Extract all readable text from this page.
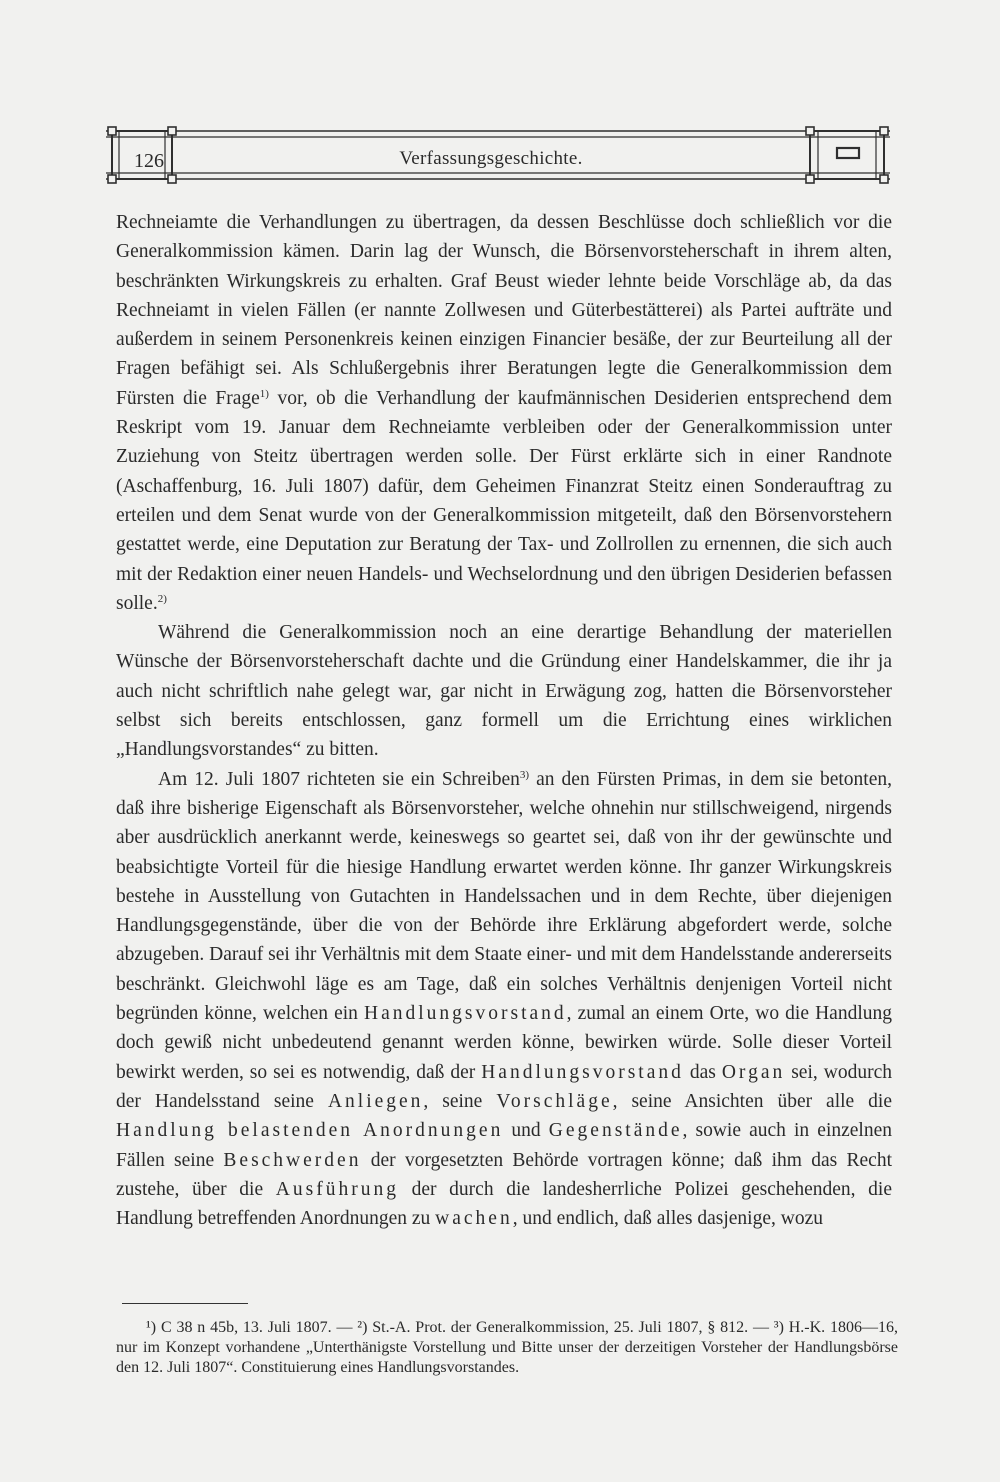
126	Verfassungsgeschichte.

Rechneiamte die Verhandlungen zu übertragen, da dessen Beschlüsse doch schließlich vor die Generalkommission kämen. Darin lag der Wunsch, die Börsenvorsteherschaft in ihrem alten, beschränkten Wirkungskreis zu erhalten. Graf Beust wieder lehnte beide Vorschläge ab, da das Rechneiamt in vielen Fällen (er nannte Zollwesen und Güterbestätterei) als Partei aufträte und außerdem in seinem Personenkreis keinen einzigen Financier besäße, der zur Beurteilung all der Fragen befähigt sei. Als Schlußergebnis ihrer Beratungen legte die Generalkommission dem Fürsten die Frage$^{1)}$ vor, ob die Verhandlung der kaufmännischen Desiderien entsprechend dem Reskript vom 19. Januar dem Rechneiamte verbleiben oder der Generalkommission unter Zuziehung von Steitz übertragen werden solle. Der Fürst erklärte sich in einer Randnote (Aschaffenburg, 16. Juli 1807) dafür, dem Geheimen Finanzrat Steitz einen Sonderauftrag zu erteilen und dem Senat wurde von der Generalkommission mitgeteilt, daß den Börsenvorstehern gestattet werde, eine Deputation zur Beratung der Tax- und Zollrollen zu ernennen, die sich auch mit der Redaktion einer neuen Handels- und Wechselordnung und den übrigen Desiderien befassen solle.$^{2)}$

Während die Generalkommission noch an eine derartige Behandlung der materiellen Wünsche der Börsenvorsteherschaft dachte und die Gründung einer Handelskammer, die ihr ja auch nicht schriftlich nahe gelegt war, gar nicht in Erwägung zog, hatten die Börsenvorsteher selbst sich bereits entschlossen, ganz formell um die Errichtung eines wirklichen „Handlungsvorstandes“ zu bitten.

Am 12. Juli 1807 richteten sie ein Schreiben$^{3)}$ an den Fürsten Primas, in dem sie betonten, daß ihre bisherige Eigenschaft als Börsenvorsteher, welche ohnehin nur stillschweigend, nirgends aber ausdrücklich anerkannt werde, keineswegs so geartet sei, daß von ihr der gewünschte und beabsichtigte Vorteil für die hiesige Handlung erwartet werden könne. Ihr ganzer Wirkungskreis bestehe in Ausstellung von Gutachten in Handelssachen und in dem Rechte, über diejenigen Handlungsgegenstände, über die von der Behörde ihre Erklärung abgefordert werde, solche abzugeben. Darauf sei ihr Verhältnis mit dem Staate einer- und mit dem Handelsstande andererseits beschränkt. Gleichwohl läge es am Tage, daß ein solches Verhältnis denjenigen Vorteil nicht begründen könne, welchen ein Handlungsvorstand, zumal an einem Orte, wo die Handlung doch gewiß nicht unbedeutend genannt werden könne, bewirken würde. Solle dieser Vorteil bewirkt werden, so sei es notwendig, daß der Handlungsvorstand das Organ sei, wodurch der Handelsstand seine Anliegen, seine Vorschläge, seine Ansichten über alle die Handlung belastenden Anordnungen und Gegenstände, sowie auch in einzelnen Fällen seine Beschwerden der vorgesetzten Behörde vortragen könne; daß ihm das Recht zustehe, über die Ausführung der durch die landesherrliche Polizei geschehenden, die Handlung betreffenden Anordnungen zu wachen, und endlich, daß alles dasjenige, wozu

¹) C 38 n 45b, 13. Juli 1807. — ²) St.-A. Prot. der Generalkommission, 25. Juli 1807, § 812. — ³) H.-K. 1806—16, nur im Konzept vorhandene „Unterthänigste Vorstellung und Bitte unser der derzeitigen Vorsteher der Handlungsbörse den 12. Juli 1807“. Constituierung eines Handlungsvorstandes.
